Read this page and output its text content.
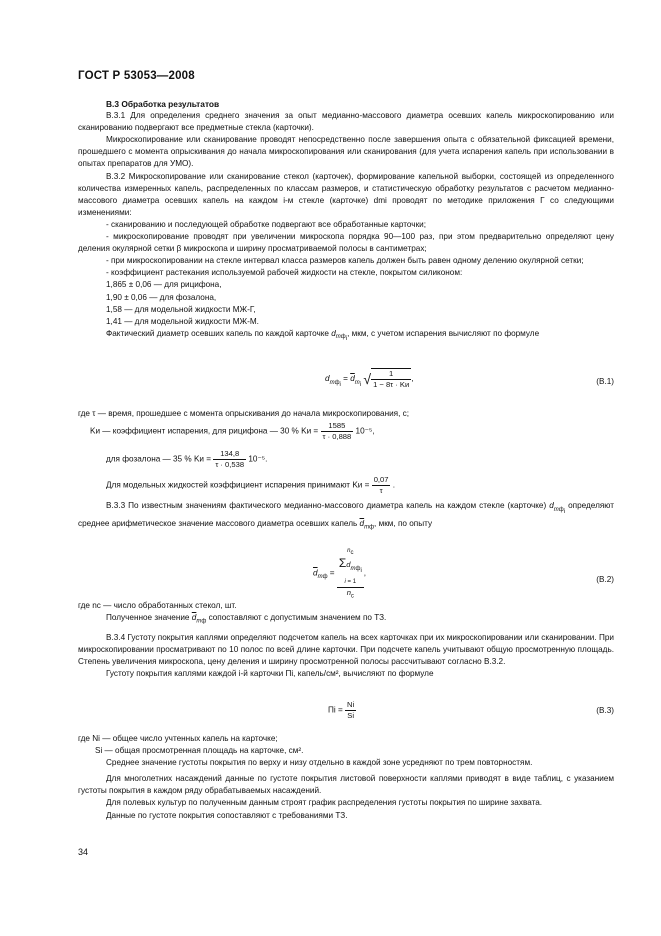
ГОСТ Р 53053—2008

В.3 Обработка результатов

В.3.1 Для определения среднего значения за опыт медианно-массового диаметра осевших капель микроскопированию или сканированию подвергают все предметные стекла (карточки).

Микроскопирование или сканирование проводят непосредственно после завершения опыта с обязательной фиксацией времени, прошедшего с момента опрыскивания до начала микроскопирования или сканирования (для учета испарения капель при использовании в опытах препаратов для УМО).

В.3.2 Микроскопирование или сканирование стекол (карточек), формирование капельной выборки, состоящей из определенного количества измеренных капель, распределенных по классам размеров, и статистическую обработку результатов с расчетом медианно-массового диаметра осевших капель на каждом i-м стекле (карточке) dmi проводят по методике приложения Г со следующими изменениями:

- сканированию и последующей обработке подвергают все обработанные карточки;

- микроскопирование проводят при увеличении микроскопа порядка 90—100 раз, при этом предварительно определяют цену деления окулярной сетки β микроскопа и ширину просматриваемой полосы в сантиметрах;

- при микроскопировании на стекле интервал класса размеров капель должен быть равен одному делению окулярной сетки;

- коэффициент растекания используемой рабочей жидкости на стекле, покрытом силиконом:

1,865 ± 0,06 — для рицифона,

1,90 ± 0,06 — для фозалона,

1,58 — для модельной жидкости МЖ-Г,

1,41 — для модельной жидкости МЖ-М.

Фактический диаметр осевших капель по каждой карточке $d_{mф_i}$, мкм, с учетом испарения вычисляют по формуле

$d_{mф_i} = \overline{d}_{m_i}$ √ $\frac{1}{1 - 8\tau \cdot Kи}$ ,	(В.1)

где τ — время, прошедшее с момента опрыскивания до начала микроскопирования, с;

Kи — коэффициент испарения, для рицифона — 30 % Kи = $\frac{1585}{\tau \cdot 0,888} 10^{-5}$,
для фозалона — 35 % Kи = $\frac{134,8}{\tau \cdot 0,538} 10^{-5}$.
Для модельных жидкостей коэффициент испарения принимают Kи = $\frac{0,07}{\tau}$ .

В.3.3 По известным значениям фактического медианно-массового диаметра капель на каждом стекле (карточке) $d_{mф_i}$ определяют среднее арифметическое значение массового диаметра осевших капель $\overline{d}_{mф}$, мкм, по опыту

$\overline{d}_{mф}$ =
$n_c$
$\Sigma d_{mф_i}$
i = 1
$n_c$
,
(В.2)

где nс — число обработанных стекол, шт.

Полученное значение $\overline{d}_{mф}$ сопоставляют с допустимым значением по ТЗ.

В.3.4 Густоту покрытия каплями определяют подсчетом капель на всех карточках при их микроскопировании или сканировании. При микроскопировании просматривают по 10 полос по всей длине карточки. При подсчете капель учитывают общую просмотренную площадь. Степень увеличения микроскопа, цену деления и ширину просмотренной полосы рассчитывают согласно В.3.2.

Густоту покрытия каплями каждой i-й карточки Пi, капель/см², вычисляют по формуле

Пi = $\frac{Ni}{Si}$	(В.3)

где Ni — общее число учтенных капель на карточке;

Si — общая просмотренная площадь на карточке, см².

Среднее значение густоты покрытия по верху и низу отдельно в каждой зоне усредняют по трем повторностям.

Для многолетних насаждений данные по густоте покрытия листовой поверхности каплями приводят в виде таблиц, с указанием густоты покрытия в каждом ряду обрабатываемых насаждений.

Для полевых культур по полученным данным строят график распределения густоты покрытия по ширине захвата.

Данные по густоте покрытия сопоставляют с требованиями ТЗ.

34
